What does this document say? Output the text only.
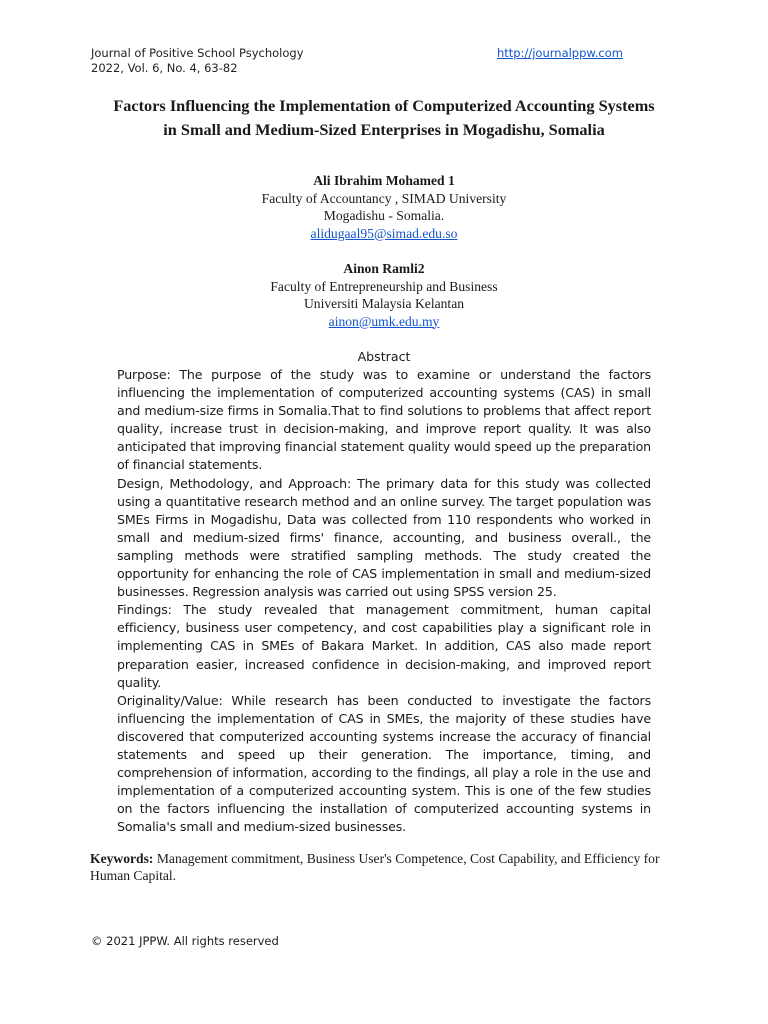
Journal of Positive School Psychology
2022, Vol. 6, No. 4, 63-82
http://journalppw.com
Factors Influencing the Implementation of Computerized Accounting Systems in Small and Medium-Sized Enterprises in Mogadishu, Somalia
Ali Ibrahim Mohamed 1
Faculty of Accountancy , SIMAD University
Mogadishu - Somalia.
alidugaal95@simad.edu.so
Ainon Ramli2
Faculty of Entrepreneurship and Business
Universiti Malaysia Kelantan
ainon@umk.edu.my
Abstract

Purpose: The purpose of the study was to examine or understand the factors influencing the implementation of computerized accounting systems (CAS) in small and medium-size firms in Somalia.That to find solutions to problems that affect report quality, increase trust in decision-making, and improve report quality. It was also anticipated that improving financial statement quality would speed up the preparation of financial statements.

Design, Methodology, and Approach: The primary data for this study was collected using a quantitative research method and an online survey. The target population was SMEs Firms in Mogadishu, Data was collected from 110 respondents who worked in small and medium-sized firms' finance, accounting, and business overall., the sampling methods were stratified sampling methods. The study created the opportunity for enhancing the role of CAS implementation in small and medium-sized businesses. Regression analysis was carried out using SPSS version 25.

Findings: The study revealed that management commitment, human capital efficiency, business user competency, and cost capabilities play a significant role in implementing CAS in SMEs of Bakara Market. In addition, CAS also made report preparation easier, increased confidence in decision-making, and improved report quality.

Originality/Value: While research has been conducted to investigate the factors influencing the implementation of CAS in SMEs, the majority of these studies have discovered that computerized accounting systems increase the accuracy of financial statements and speed up their generation. The importance, timing, and comprehension of information, according to the findings, all play a role in the use and implementation of a computerized accounting system. This is one of the few studies on the factors influencing the installation of computerized accounting systems in Somalia's small and medium-sized businesses.

Keywords: Management commitment, Business User's Competence, Cost Capability, and Efficiency for Human Capital.

© 2021 JPPW. All rights reserved
